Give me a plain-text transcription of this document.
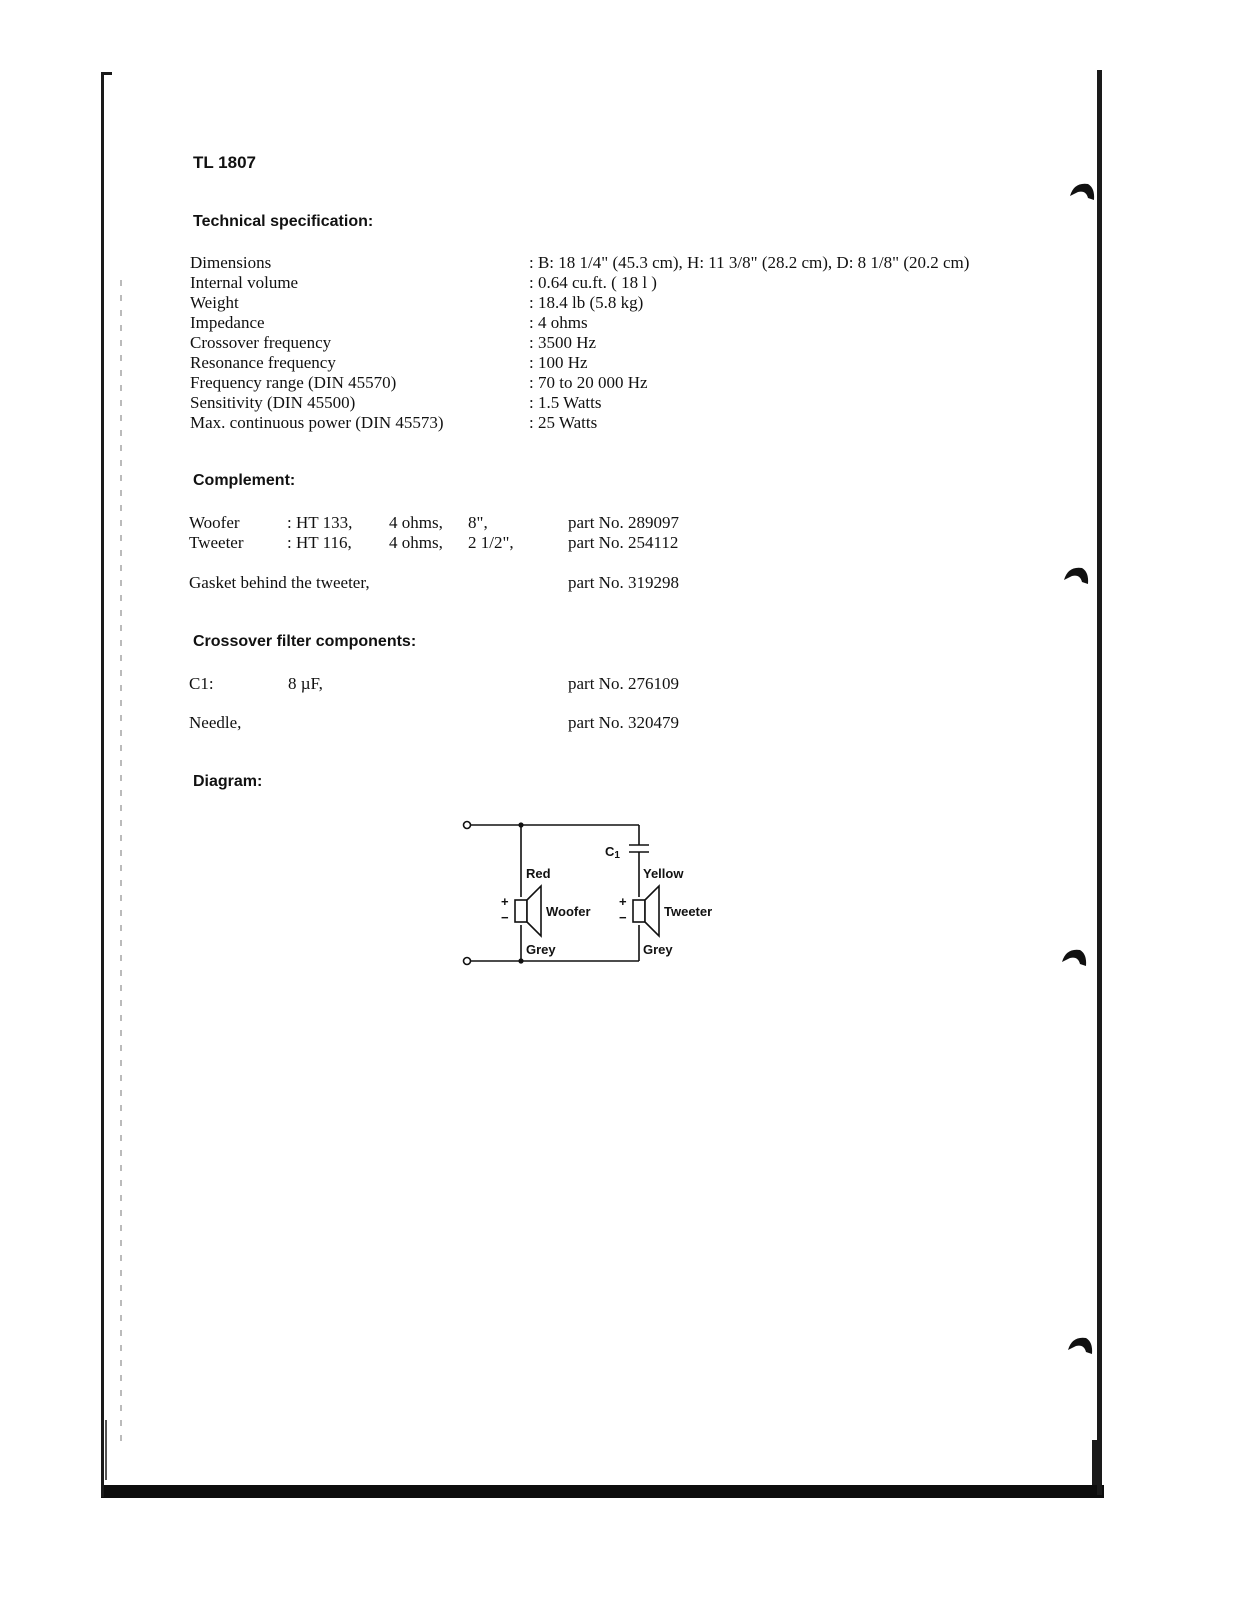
TL 1807
Technical specification:
Dimensions	: B: 18 1/4" (45.3 cm), H: 11 3/8" (28.2 cm), D: 8 1/8" (20.2 cm)
Internal volume	: 0.64 cu.ft. ( 18 l )
Weight	: 18.4 lb (5.8 kg)
Impedance	: 4 ohms
Crossover frequency	: 3500 Hz
Resonance frequency	: 100 Hz
Frequency range (DIN 45570)	: 70 to 20 000 Hz
Sensitivity (DIN 45500)	: 1.5 Watts
Max. continuous power (DIN 45573)	: 25 Watts
Complement:
Woofer	: HT 133, 4 ohms, 8",	part No. 289097
Tweeter	: HT 116, 4 ohms, 2 1/2",	part No. 254112
Gasket behind the tweeter,	part No. 319298
Crossover filter components:
C1:	8 µF,	part No. 276109
Needle,	part No. 320479
Diagram:
C1
Red
Woofer
Grey
+
−
Yellow
Tweeter
Grey
+
−
